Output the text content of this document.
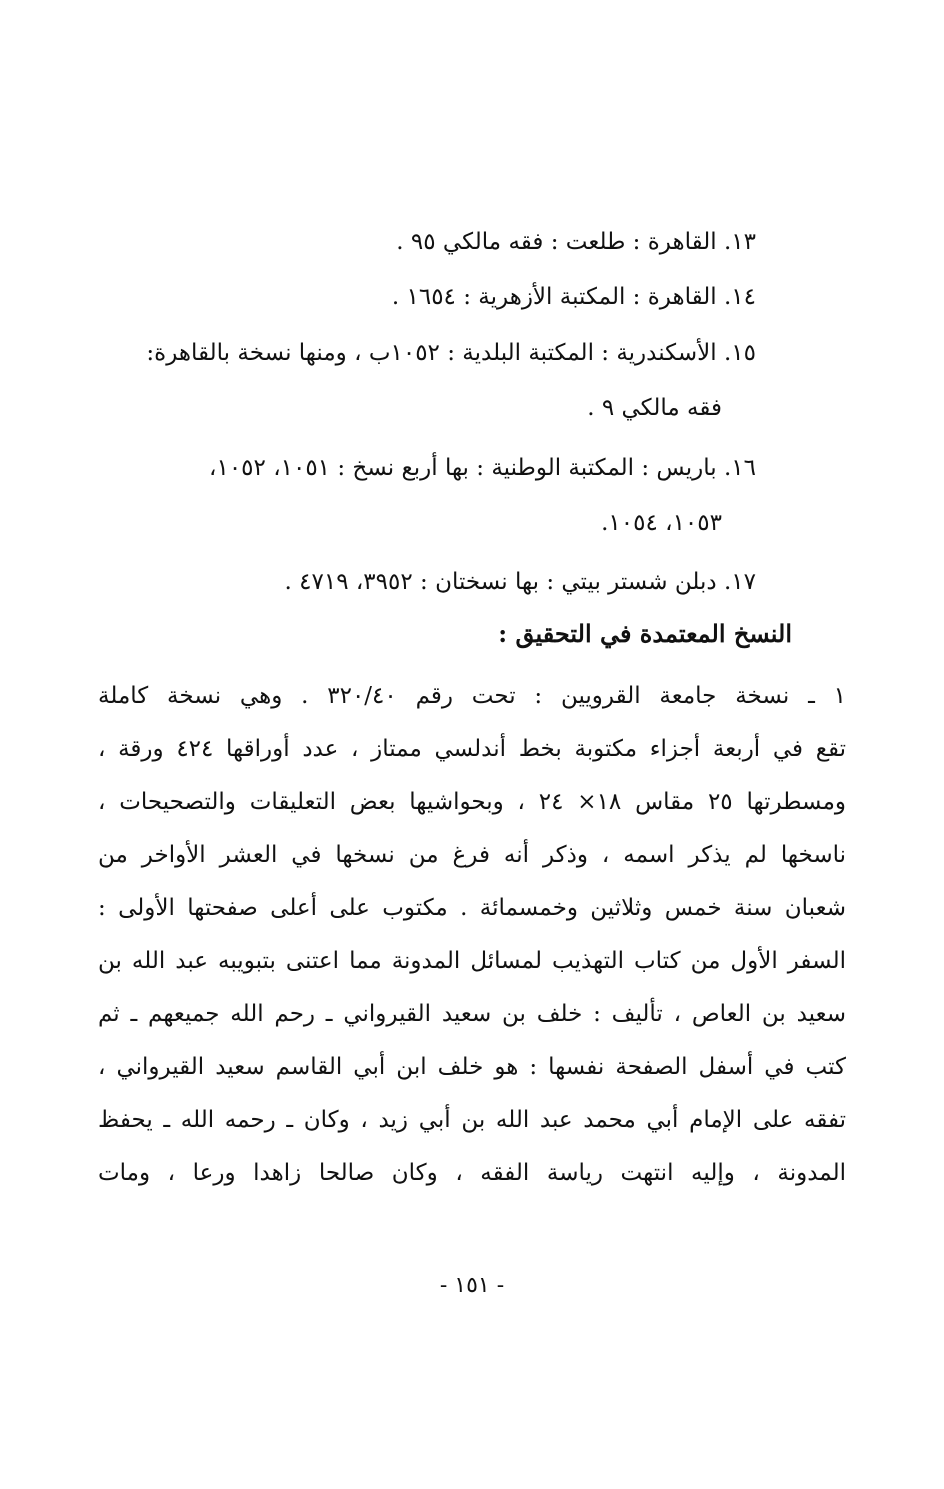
١٣. القاهرة : طلعت : فقه مالكي ٩٥ .
١٤. القاهرة : المكتبة الأزهرية : ١٦٥٤ .
١٥. الأسكندرية : المكتبة البلدية : ١٠٥٢ب ، ومنها نسخة بالقاهرة:
فقه مالكي ٩ .
١٦. باريس : المكتبة الوطنية : بها أربع نسخ : ١٠٥١، ١٠٥٢،
١٠٥٣، ١٠٥٤.
١٧. دبلن شستر بيتي : بها نسختان : ٣٩٥٢، ٤٧١٩ .
النسخ المعتمدة في التحقيق :
١ ـ نسخة جامعة القرويين : تحت رقم ٣٢٠/٤٠ . وهي نسخة كاملة
تقع في أربعة أجزاء مكتوبة بخط أندلسي ممتاز ، عدد أوراقها ٤٢٤ ورقة ،
ومسطرتها ٢٥ مقاس ١٨× ٢٤ ، وبحواشيها بعض التعليقات والتصحيحات ،
ناسخها لم يذكر اسمه ، وذكر أنه فرغ من نسخها في العشر الأواخر من
شعبان سنة خمس وثلاثين وخمسمائة . مكتوب على أعلى صفحتها الأولى :
السفر الأول من كتاب التهذيب لمسائل المدونة مما اعتنى بتبويبه عبد الله بن
سعيد بن العاص ، تأليف : خلف بن سعيد القيرواني ـ رحم الله جميعهم ـ ثم
كتب في أسفل الصفحة نفسها : هو خلف ابن أبي القاسم سعيد القيرواني ،
تفقه على الإمام أبي محمد عبد الله بن أبي زيد ، وكان ـ رحمه الله ـ يحفظ
المدونة ، وإليه انتهت رياسة الفقه ، وكان صالحا زاهدا ورعا ، ومات
- ١٥١ -
